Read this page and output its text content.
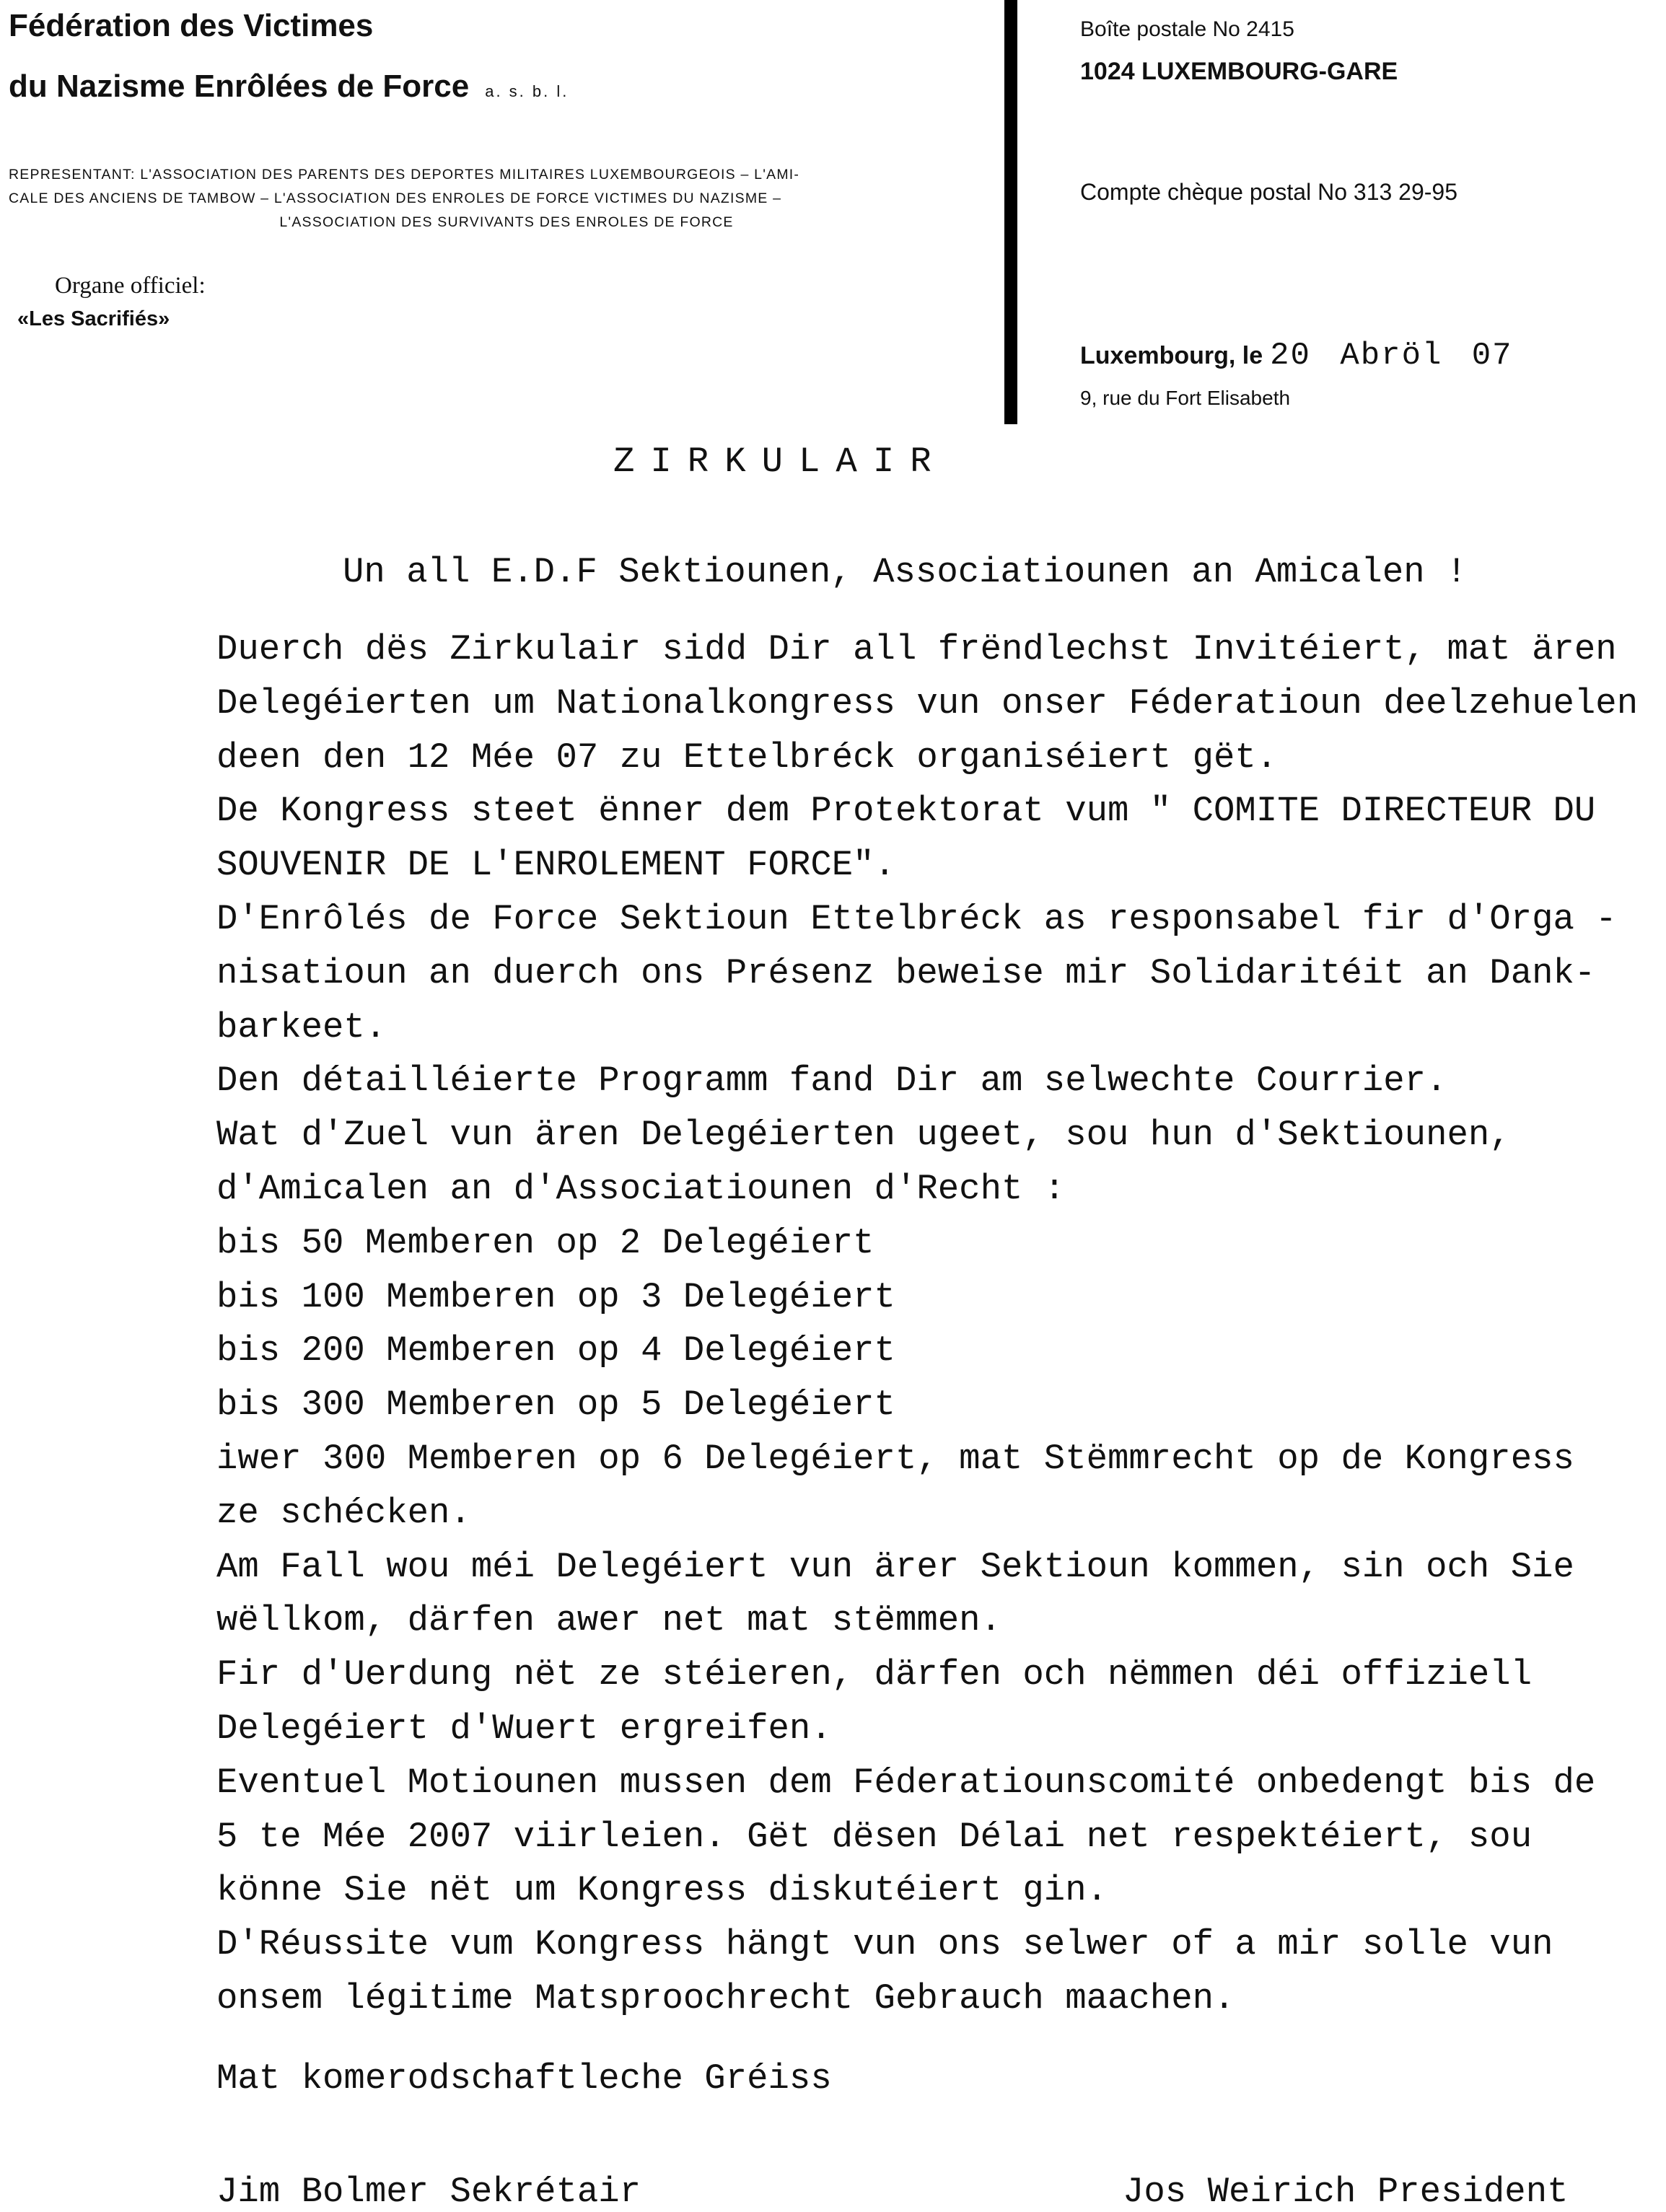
Fédération des Victimes
du Nazisme Enrôlées de Force a. s. b. l.
REPRESENTANT: L'ASSOCIATION DES PARENTS DES DEPORTES MILITAIRES LUXEMBOURGEOIS – L'AMI-
CALE DES ANCIENS DE TAMBOW – L'ASSOCIATION DES ENROLES DE FORCE VICTIMES DU NAZISME –
L'ASSOCIATION DES SURVIVANTS DES ENROLES DE FORCE
Organe officiel:
«Les Sacrifiés»
Boîte postale No 2415
1024 LUXEMBOURG-GARE
Compte chèque postal No 313 29-95
Luxembourg, le 20 Abröl 07
9, rue du Fort Elisabeth
ZIRKULAIR
Un all E.D.F Sektiounen, Associatiounen an Amicalen !
Duerch dës Zirkulair sidd Dir all frëndlechst Invitéiert, mat ären
Delegéierten um Nationalkongress vun onser Féderatioun deelzehuelen
deen den 12 Mée 07 zu Ettelbréck organiséiert gët.
De Kongress steet ënner dem Protektorat vum " COMITE DIRECTEUR DU
SOUVENIR DE L'ENROLEMENT FORCE".
D'Enrôlés de Force Sektioun Ettelbréck as responsabel fir d'Orga -
nisatioun an duerch ons Présenz beweise mir Solidaritéit an Dank-
barkeet.
Den détailléierte Programm fand Dir am selwechte Courrier.
Wat d'Zuel vun ären Delegéierten ugeet, sou hun d'Sektiounen,
d'Amicalen an d'Associatiounen d'Recht :
bis 50 Memberen op 2 Delegéiert
bis 100 Memberen op 3 Delegéiert
bis 200 Memberen op 4 Delegéiert
bis 300 Memberen op 5 Delegéiert
iwer 300 Memberen op 6 Delegéiert, mat Stëmmrecht op de Kongress
ze schécken.
Am Fall wou méi Delegéiert vun ärer Sektioun kommen, sin och Sie
wëllkom, därfen awer net mat stëmmen.
Fir d'Uerdung nët ze stéieren, därfen och nëmmen déi offiziell
Delegéiert d'Wuert ergreifen.
Eventuel Motiounen mussen dem Féderatiounscomité onbedengt bis de
5 te Mée 2007 viirleien. Gët dësen Délai net respektéiert, sou
könne Sie nët um Kongress diskutéiert gin.
D'Réussite vum Kongress hängt vun ons selwer of a mir solle vun
onsem légitime Matsproochrecht Gebrauch maachen.
Mat komerodschaftleche Gréiss
Jim Bolmer Sekrétair	Jos Weirich President
